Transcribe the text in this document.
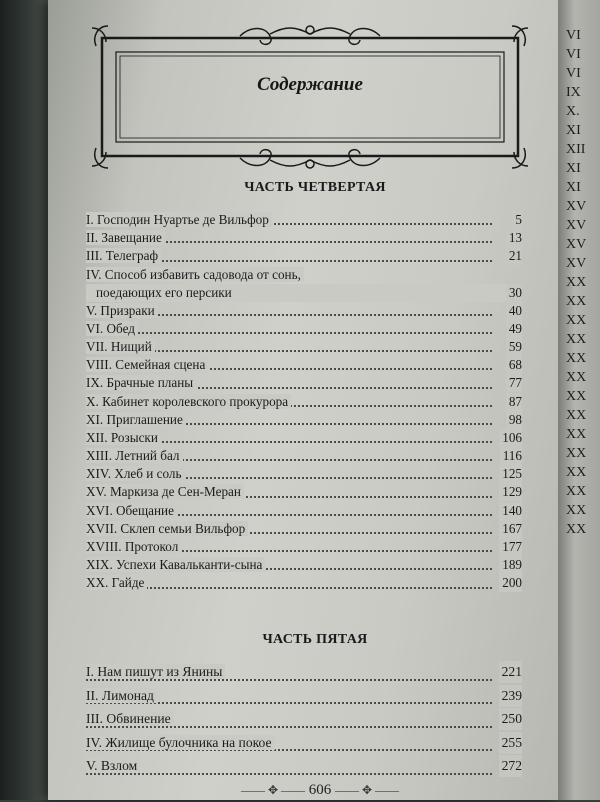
VI
VI
VI
IX
X.
XI
XII
XI
XI
XV
XV
XV
XV
XX
XX
XX
XX
XX
XX
XX
XX
XX
XX
XX
XX
XX
XX
Содержание
ЧАСТЬ ЧЕТВЕРТАЯ
I. Господин Нуартье де Вильфор	5
II. Завещание	13
III. Телеграф	21
IV. Способ избавить садовода от сонь,
поедающих его персики	30
V. Призраки	40
VI. Обед	49
VII. Нищий	59
VIII. Семейная сцена	68
IX. Брачные планы	77
X. Кабинет королевского прокурора	87
XI. Приглашение	98
XII. Розыски	106
XIII. Летний бал	116
XIV. Хлеб и соль	125
XV. Маркиза де Сен-Меран	129
XVI. Обещание	140
XVII. Склеп семьи Вильфор	167
XVIII. Протокол	177
XIX. Успехи Кавальканти-сына	189
XX. Гайде	200
ЧАСТЬ ПЯТАЯ
I. Нам пишут из Янины	221
II. Лимонад	239
III. Обвинение	250
IV. Жилище булочника на покое	255
V. Взлом	272
—— ✥ —— 606 —— ✥ ——
